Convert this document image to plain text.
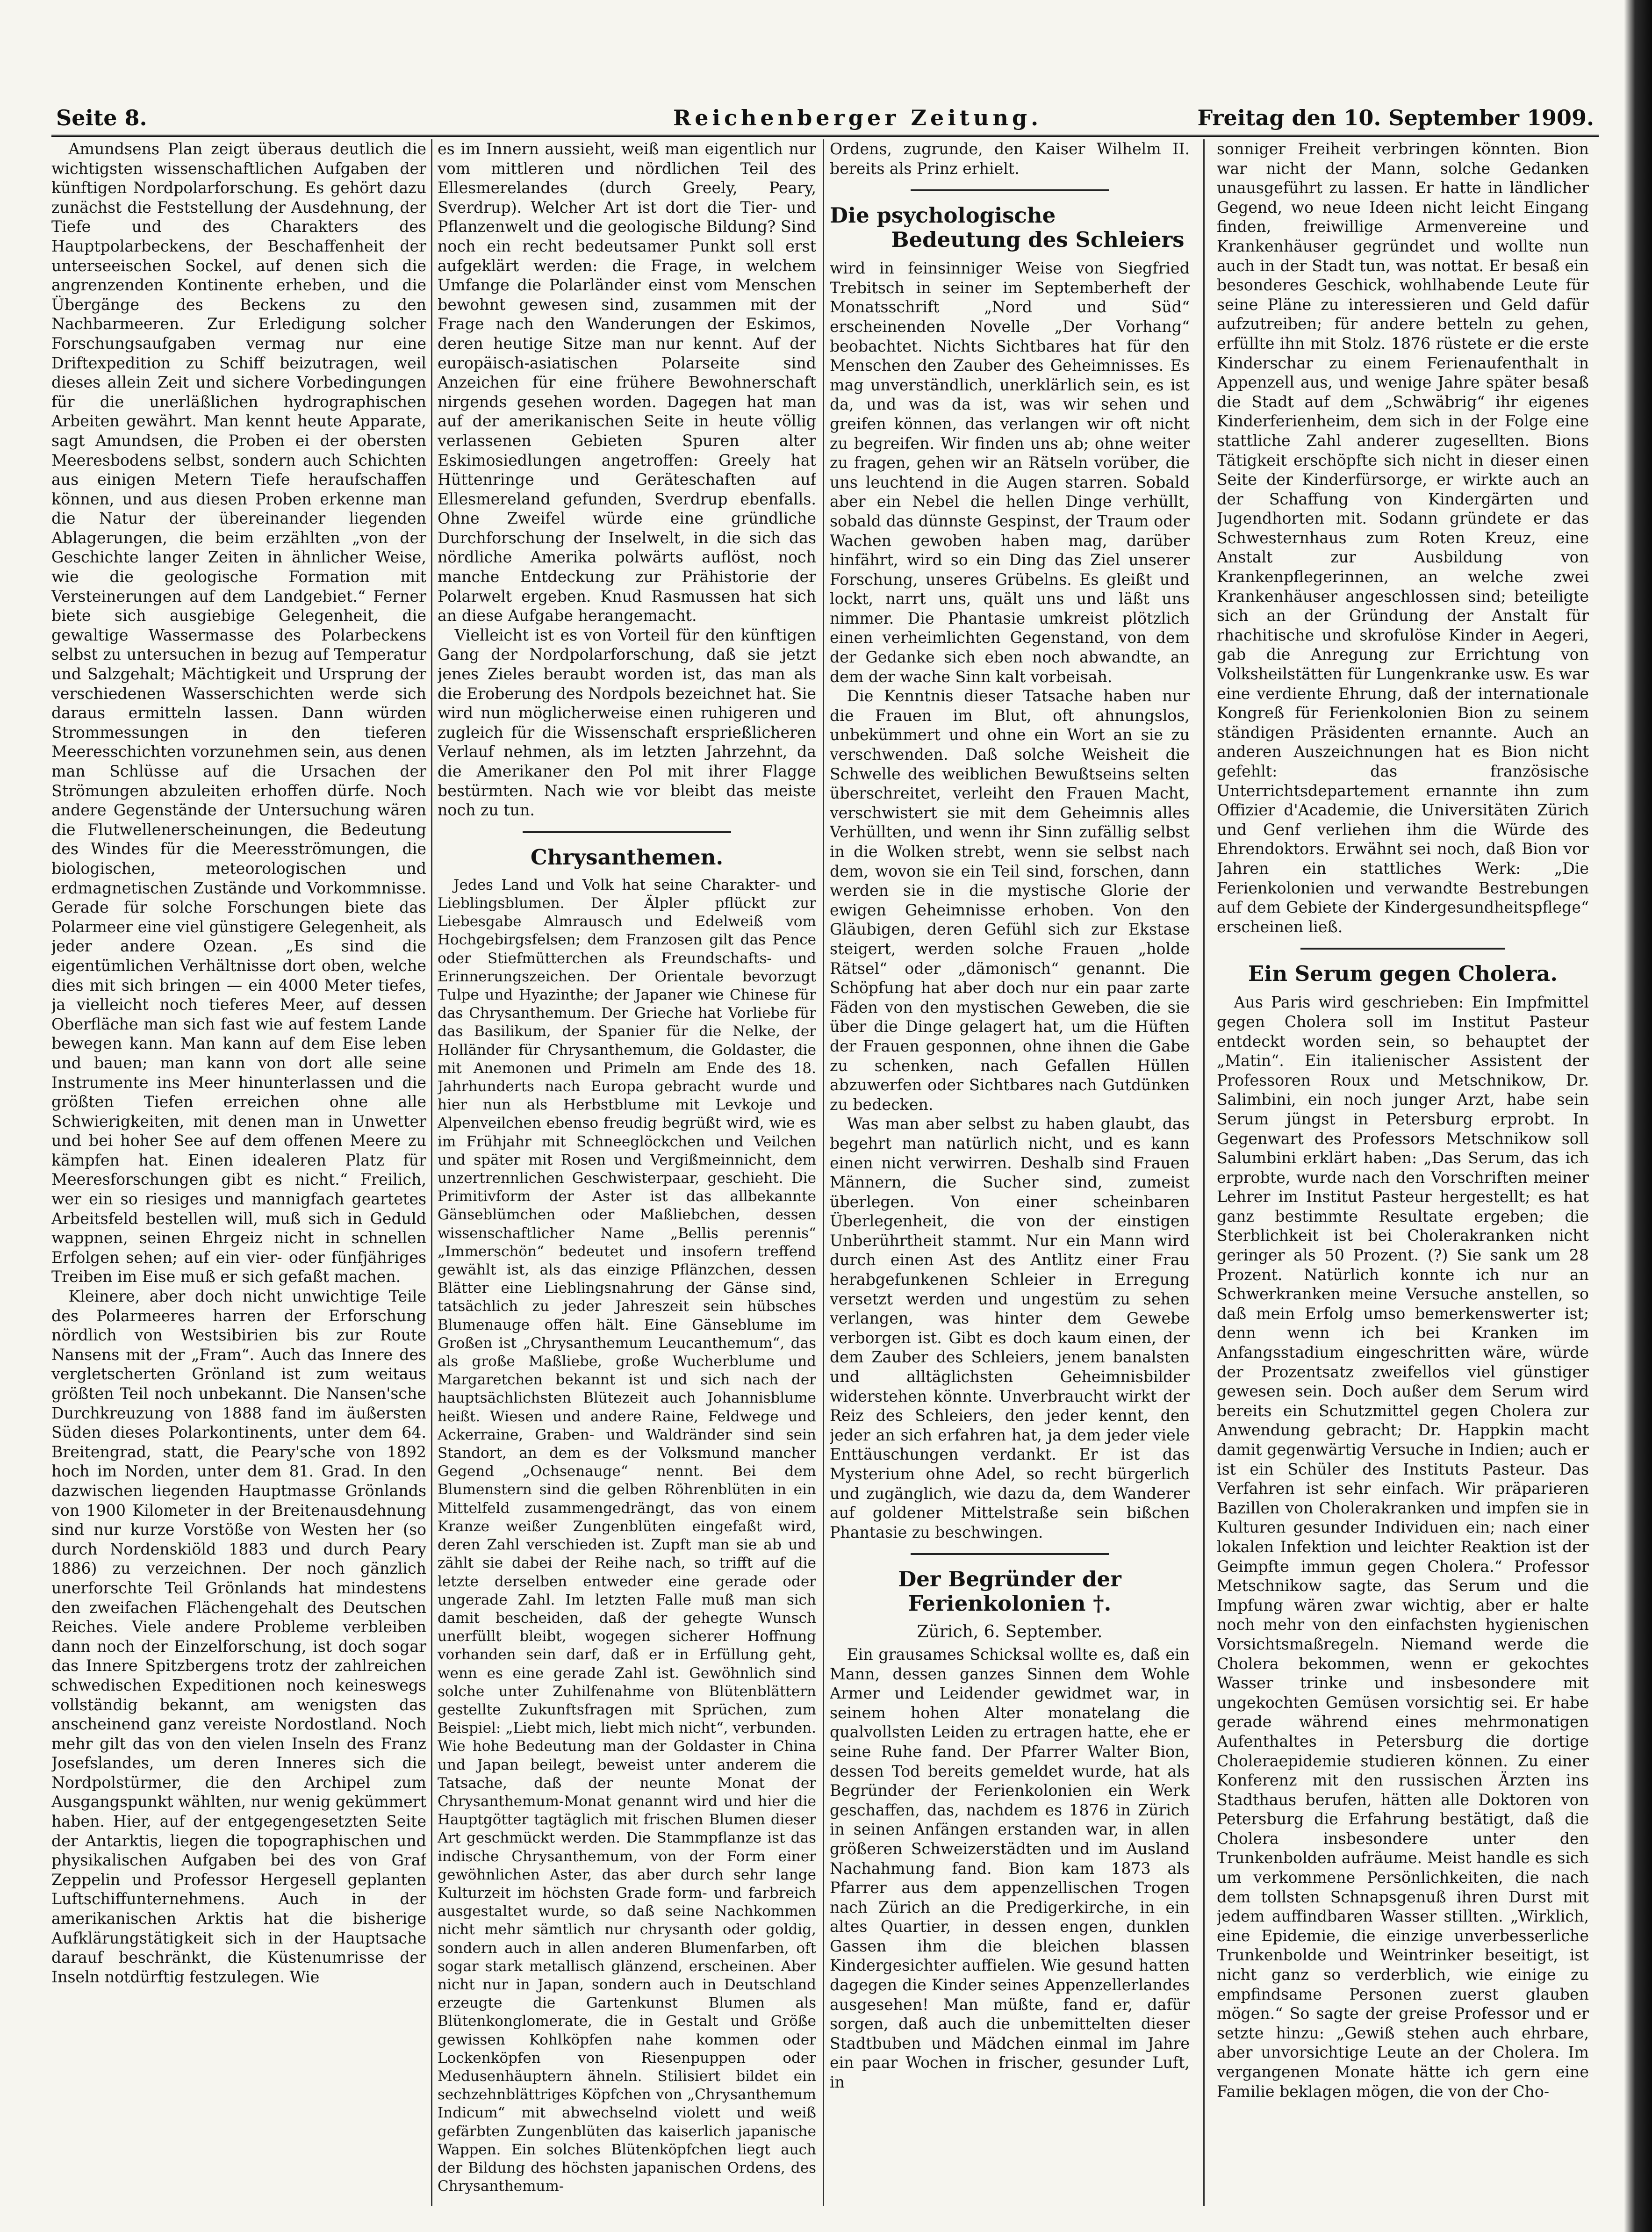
Seite 8.	Reichenberger Zeitung.	Freitag den 10. September 1909.

Amundsens Plan zeigt überaus deutlich die wichtigsten wissenschaftlichen Aufgaben der künftigen Nordpolarforschung. Es gehört dazu zunächst die Feststellung der Ausdehnung, der Tiefe und des Charakters des Hauptpolarbeckens, der Beschaffenheit der unterseeischen Sockel, auf denen sich die angrenzenden Kontinente erheben, und die Übergänge des Beckens zu den Nachbarmeeren. Zur Erledigung solcher Forschungsaufgaben vermag nur eine Driftexpedition zu Schiff beizutragen, weil dieses allein Zeit und sichere Vorbedingungen für die unerläßlichen hydrographischen Arbeiten gewährt. Man kennt heute Apparate, sagt Amundsen, die Proben ei der obersten Meeresbodens selbst, sondern auch Schichten aus einigen Metern Tiefe heraufschaffen können, und aus diesen Proben erkenne man die Natur der übereinander liegenden Ablagerungen, die beim erzählten „von der Geschichte langer Zeiten in ähnlicher Weise, wie die geologische Formation mit Versteinerungen auf dem Landgebiet.“ Ferner biete sich ausgiebige Gelegenheit, die gewaltige Wassermasse des Polarbeckens selbst zu untersuchen in bezug auf Temperatur und Salzgehalt; Mächtigkeit und Ursprung der verschiedenen Wasserschichten werde sich daraus ermitteln lassen. Dann würden Strommessungen in den tieferen Meeresschichten vorzunehmen sein, aus denen man Schlüsse auf die Ursachen der Strömungen abzuleiten erhoffen dürfe. Noch andere Gegenstände der Untersuchung wären die Flutwellenerscheinungen, die Bedeutung des Windes für die Meeresströmungen, die biologischen, meteorologischen und erdmagnetischen Zustände und Vorkommnisse. Gerade für solche Forschungen biete das Polarmeer eine viel günstigere Gelegenheit, als jeder andere Ozean. „Es sind die eigentümlichen Verhältnisse dort oben, welche dies mit sich bringen — ein 4000 Meter tiefes, ja vielleicht noch tieferes Meer, auf dessen Oberfläche man sich fast wie auf festem Lande bewegen kann. Man kann auf dem Eise leben und bauen; man kann von dort alle seine Instrumente ins Meer hinunterlassen und die größten Tiefen erreichen ohne alle Schwierigkeiten, mit denen man in Unwetter und bei hoher See auf dem offenen Meere zu kämpfen hat. Einen idealeren Platz für Meeresforschungen gibt es nicht.“ Freilich, wer ein so riesiges und mannigfach geartetes Arbeitsfeld bestellen will, muß sich in Geduld wappnen, seinen Ehrgeiz nicht in schnellen Erfolgen sehen; auf ein vier- oder fünfjähriges Treiben im Eise muß er sich gefaßt machen.

Kleinere, aber doch nicht unwichtige Teile des Polarmeeres harren der Erforschung nördlich von Westsibirien bis zur Route Nansens mit der „Fram“. Auch das Innere des vergletscherten Grönland ist zum weitaus größten Teil noch unbekannt. Die Nansen'sche Durchkreuzung von 1888 fand im äußersten Süden dieses Polarkontinents, unter dem 64. Breitengrad, statt, die Peary'sche von 1892 hoch im Norden, unter dem 81. Grad. In den dazwischen liegenden Hauptmasse Grönlands von 1900 Kilometer in der Breitenausdehnung sind nur kurze Vorstöße von Westen her (so durch Nordenskiöld 1883 und durch Peary 1886) zu verzeichnen. Der noch gänzlich unerforschte Teil Grönlands hat mindestens den zweifachen Flächengehalt des Deutschen Reiches. Viele andere Probleme verbleiben dann noch der Einzelforschung, ist doch sogar das Innere Spitzbergens trotz der zahlreichen schwedischen Expeditionen noch keineswegs vollständig bekannt, am wenigsten das anscheinend ganz vereiste Nordostland. Noch mehr gilt das von den vielen Inseln des Franz Josefslandes, um deren Inneres sich die Nordpolstürmer, die den Archipel zum Ausgangspunkt wählten, nur wenig gekümmert haben. Hier, auf der entgegengesetzten Seite der Antarktis, liegen die topographischen und physikalischen Aufgaben bei des von Graf Zeppelin und Professor Hergesell geplanten Luftschiffunternehmens. Auch in der amerikanischen Arktis hat die bisherige Aufklärungstätigkeit sich in der Hauptsache darauf beschränkt, die Küstenumrisse der Inseln notdürftig festzulegen. Wie

es im Innern aussieht, weiß man eigentlich nur vom mittleren und nördlichen Teil des Ellesmerelandes (durch Greely, Peary, Sverdrup). Welcher Art ist dort die Tier- und Pflanzenwelt und die geologische Bildung? Sind noch ein recht bedeutsamer Punkt soll erst aufgeklärt werden: die Frage, in welchem Umfange die Polarländer einst vom Menschen bewohnt gewesen sind, zusammen mit der Frage nach den Wanderungen der Eskimos, deren heutige Sitze man nur kennt. Auf der europäisch-asiatischen Polarseite sind Anzeichen für eine frühere Bewohnerschaft nirgends gesehen worden. Dagegen hat man auf der amerikanischen Seite in heute völlig verlassenen Gebieten Spuren alter Eskimosiedlungen angetroffen: Greely hat Hüttenringe und Geräteschaften auf Ellesmereland gefunden, Sverdrup ebenfalls. Ohne Zweifel würde eine gründliche Durchforschung der Inselwelt, in die sich das nördliche Amerika polwärts auflöst, noch manche Entdeckung zur Prähistorie der Polarwelt ergeben. Knud Rasmussen hat sich an diese Aufgabe herangemacht.

Vielleicht ist es von Vorteil für den künftigen Gang der Nordpolarforschung, daß sie jetzt jenes Zieles beraubt worden ist, das man als die Eroberung des Nordpols bezeichnet hat. Sie wird nun möglicherweise einen ruhigeren und zugleich für die Wissenschaft ersprießlicheren Verlauf nehmen, als im letzten Jahrzehnt, da die Amerikaner den Pol mit ihrer Flagge bestürmten. Nach wie vor bleibt das meiste noch zu tun.

Chrysanthemen.

Jedes Land und Volk hat seine Charakter- und Lieblingsblumen. Der Älpler pflückt zur Liebesgabe Almrausch und Edelweiß vom Hochgebirgsfelsen; dem Franzosen gilt das Pence oder Stiefmütterchen als Freundschafts- und Erinnerungszeichen. Der Orientale bevorzugt Tulpe und Hyazinthe; der Japaner wie Chinese für das Chrysanthemum. Der Grieche hat Vorliebe für das Basilikum, der Spanier für die Nelke, der Holländer für Chrysanthemum, die Goldaster, die mit Anemonen und Primeln am Ende des 18. Jahrhunderts nach Europa gebracht wurde und hier nun als Herbstblume mit Levkoje und Alpenveilchen ebenso freudig begrüßt wird, wie es im Frühjahr mit Schneeglöckchen und Veilchen und später mit Rosen und Vergißmeinnicht, dem unzertrennlichen Geschwisterpaar, geschieht. Die Primitivform der Aster ist das allbekannte Gänseblümchen oder Maßliebchen, dessen wissenschaftlicher Name „Bellis perennis“ „Immerschön“ bedeutet und insofern treffend gewählt ist, als das einzige Pflänzchen, dessen Blätter eine Lieblingsnahrung der Gänse sind, tatsächlich zu jeder Jahreszeit sein hübsches Blumenauge offen hält. Eine Gänseblume im Großen ist „Chrysanthemum Leucanthemum“, das als große Maßliebe, große Wucherblume und Margaretchen bekannt ist und sich nach der hauptsächlichsten Blütezeit auch Johannisblume heißt. Wiesen und andere Raine, Feldwege und Ackerraine, Graben- und Waldränder sind sein Standort, an dem es der Volksmund mancher Gegend „Ochsenauge“ nennt. Bei dem Blumenstern sind die gelben Röhrenblüten in ein Mittelfeld zusammengedrängt, das von einem Kranze weißer Zungenblüten eingefaßt wird, deren Zahl verschieden ist. Zupft man sie ab und zählt sie dabei der Reihe nach, so trifft auf die letzte derselben entweder eine gerade oder ungerade Zahl. Im letzten Falle muß man sich damit bescheiden, daß der gehegte Wunsch unerfüllt bleibt, wogegen sicherer Hoffnung vorhanden sein darf, daß er in Erfüllung geht, wenn es eine gerade Zahl ist. Gewöhnlich sind solche unter Zuhilfenahme von Blütenblättern gestellte Zukunftsfragen mit Sprüchen, zum Beispiel: „Liebt mich, liebt mich nicht“, verbunden. Wie hohe Bedeutung man der Goldaster in China und Japan beilegt, beweist unter anderem die Tatsache, daß der neunte Monat der Chrysanthemum-Monat genannt wird und hier die Hauptgötter tagtäglich mit frischen Blumen dieser Art geschmückt werden. Die Stammpflanze ist das indische Chrysanthemum, von der Form einer gewöhnlichen Aster, das aber durch sehr lange Kulturzeit im höchsten Grade form- und farbreich ausgestaltet wurde, so daß seine Nachkommen nicht mehr sämtlich nur chrysanth oder goldig, sondern auch in allen anderen Blumenfarben, oft sogar stark metallisch glänzend, erscheinen. Aber nicht nur in Japan, sondern auch in Deutschland erzeugte die Gartenkunst Blumen als Blütenkonglomerate, die in Gestalt und Größe gewissen Kohlköpfen nahe kommen oder Lockenköpfen von Riesenpuppen oder Medusenhäuptern ähneln. Stilisiert bildet ein sechzehnblättriges Köpfchen von „Chrysanthemum Indicum“ mit abwechselnd violett und weiß gefärbten Zungenblüten das kaiserlich japanische Wappen. Ein solches Blütenköpfchen liegt auch der Bildung des höchsten japanischen Ordens, des Chrysanthemum-

Ordens, zugrunde, den Kaiser Wilhelm II. bereits als Prinz erhielt.

Die psychologische
Bedeutung des Schleiers

wird in feinsinniger Weise von Siegfried Trebitsch in seiner im Septemberheft der Monatsschrift „Nord und Süd“ erscheinenden Novelle „Der Vorhang“ beobachtet. Nichts Sichtbares hat für den Menschen den Zauber des Geheimnisses. Es mag unverständlich, unerklärlich sein, es ist da, und was da ist, was wir sehen und greifen können, das verlangen wir oft nicht zu begreifen. Wir finden uns ab; ohne weiter zu fragen, gehen wir an Rätseln vorüber, die uns leuchtend in die Augen starren. Sobald aber ein Nebel die hellen Dinge verhüllt, sobald das dünnste Gespinst, der Traum oder Wachen gewoben haben mag, darüber hinfährt, wird so ein Ding das Ziel unserer Forschung, unseres Grübelns. Es gleißt und lockt, narrt uns, quält uns und läßt uns nimmer. Die Phantasie umkreist plötzlich einen verheimlichten Gegenstand, von dem der Gedanke sich eben noch abwandte, an dem der wache Sinn kalt vorbeisah.

Die Kenntnis dieser Tatsache haben nur die Frauen im Blut, oft ahnungslos, unbekümmert und ohne ein Wort an sie zu verschwenden. Daß solche Weisheit die Schwelle des weiblichen Bewußtseins selten überschreitet, verleiht den Frauen Macht, verschwistert sie mit dem Geheimnis alles Verhüllten, und wenn ihr Sinn zufällig selbst in die Wolken strebt, wenn sie selbst nach dem, wovon sie ein Teil sind, forschen, dann werden sie in die mystische Glorie der ewigen Geheimnisse erhoben. Von den Gläubigen, deren Gefühl sich zur Ekstase steigert, werden solche Frauen „holde Rätsel“ oder „dämonisch“ genannt. Die Schöpfung hat aber doch nur ein paar zarte Fäden von den mystischen Geweben, die sie über die Dinge gelagert hat, um die Hüften der Frauen gesponnen, ohne ihnen die Gabe zu schenken, nach Gefallen Hüllen abzuwerfen oder Sichtbares nach Gutdünken zu bedecken.

Was man aber selbst zu haben glaubt, das begehrt man natürlich nicht, und es kann einen nicht verwirren. Deshalb sind Frauen Männern, die Sucher sind, zumeist überlegen. Von einer scheinbaren Überlegenheit, die von der einstigen Unberührtheit stammt. Nur ein Mann wird durch einen Ast des Antlitz einer Frau herabgefunkenen Schleier in Erregung versetzt werden und ungestüm zu sehen verlangen, was hinter dem Gewebe verborgen ist. Gibt es doch kaum einen, der dem Zauber des Schleiers, jenem banalsten und alltäglichsten Geheimnisbilder widerstehen könnte. Unverbraucht wirkt der Reiz des Schleiers, den jeder kennt, den jeder an sich erfahren hat, ja dem jeder viele Enttäuschungen verdankt. Er ist das Mysterium ohne Adel, so recht bürgerlich und zugänglich, wie dazu da, dem Wanderer auf goldener Mittelstraße sein bißchen Phantasie zu beschwingen.

Der Begründer der Ferienkolonien †.
Zürich, 6. September.

Ein grausames Schicksal wollte es, daß ein Mann, dessen ganzes Sinnen dem Wohle Armer und Leidender gewidmet war, in seinem hohen Alter monatelang die qualvollsten Leiden zu ertragen hatte, ehe er seine Ruhe fand. Der Pfarrer Walter Bion, dessen Tod bereits gemeldet wurde, hat als Begründer der Ferienkolonien ein Werk geschaffen, das, nachdem es 1876 in Zürich in seinen Anfängen erstanden war, in allen größeren Schweizerstädten und im Ausland Nachahmung fand. Bion kam 1873 als Pfarrer aus dem appenzellischen Trogen nach Zürich an die Predigerkirche, in ein altes Quartier, in dessen engen, dunklen Gassen ihm die bleichen blassen Kindergesichter auffielen. Wie gesund hatten dagegen die Kinder seines Appenzellerlandes ausgesehen! Man müßte, fand er, dafür sorgen, daß auch die unbemittelten dieser Stadtbuben und Mädchen einmal im Jahre ein paar Wochen in frischer, gesunder Luft, in

sonniger Freiheit verbringen könnten. Bion war nicht der Mann, solche Gedanken unausgeführt zu lassen. Er hatte in ländlicher Gegend, wo neue Ideen nicht leicht Eingang finden, freiwillige Armenvereine und Krankenhäuser gegründet und wollte nun auch in der Stadt tun, was nottat. Er besaß ein besonderes Geschick, wohlhabende Leute für seine Pläne zu interessieren und Geld dafür aufzutreiben; für andere betteln zu gehen, erfüllte ihn mit Stolz. 1876 rüstete er die erste Kinderschar zu einem Ferienaufenthalt in Appenzell aus, und wenige Jahre später besaß die Stadt auf dem „Schwäbrig“ ihr eigenes Kinderferienheim, dem sich in der Folge eine stattliche Zahl anderer zugesellten. Bions Tätigkeit erschöpfte sich nicht in dieser einen Seite der Kinderfürsorge, er wirkte auch an der Schaffung von Kindergärten und Jugendhorten mit. Sodann gründete er das Schwesternhaus zum Roten Kreuz, eine Anstalt zur Ausbildung von Krankenpflegerinnen, an welche zwei Krankenhäuser angeschlossen sind; beteiligte sich an der Gründung der Anstalt für rhachitische und skrofulöse Kinder in Aegeri, gab die Anregung zur Errichtung von Volksheilstätten für Lungenkranke usw. Es war eine verdiente Ehrung, daß der internationale Kongreß für Ferienkolonien Bion zu seinem ständigen Präsidenten ernannte. Auch an anderen Auszeichnungen hat es Bion nicht gefehlt: das französische Unterrichtsdepartement ernannte ihn zum Offizier d'Academie, die Universitäten Zürich und Genf verliehen ihm die Würde des Ehrendoktors. Erwähnt sei noch, daß Bion vor Jahren ein stattliches Werk: „Die Ferienkolonien und verwandte Bestrebungen auf dem Gebiete der Kindergesundheitspflege“ erscheinen ließ.

Ein Serum gegen Cholera.

Aus Paris wird geschrieben: Ein Impfmittel gegen Cholera soll im Institut Pasteur entdeckt worden sein, so behauptet der „Matin“. Ein italienischer Assistent der Professoren Roux und Metschnikow, Dr. Salimbini, ein noch junger Arzt, habe sein Serum jüngst in Petersburg erprobt. In Gegenwart des Professors Metschnikow soll Salumbini erklärt haben: „Das Serum, das ich erprobte, wurde nach den Vorschriften meiner Lehrer im Institut Pasteur hergestellt; es hat ganz bestimmte Resultate ergeben; die Sterblichkeit ist bei Cholerakranken nicht geringer als 50 Prozent. (?) Sie sank um 28 Prozent. Natürlich konnte ich nur an Schwerkranken meine Versuche anstellen, so daß mein Erfolg umso bemerkenswerter ist; denn wenn ich bei Kranken im Anfangsstadium eingeschritten wäre, würde der Prozentsatz zweifellos viel günstiger gewesen sein. Doch außer dem Serum wird bereits ein Schutzmittel gegen Cholera zur Anwendung gebracht; Dr. Happkin macht damit gegenwärtig Versuche in Indien; auch er ist ein Schüler des Instituts Pasteur. Das Verfahren ist sehr einfach. Wir präparieren Bazillen von Cholerakranken und impfen sie in Kulturen gesunder Individuen ein; nach einer lokalen Infektion und leichter Reaktion ist der Geimpfte immun gegen Cholera.“ Professor Metschnikow sagte, das Serum und die Impfung wären zwar wichtig, aber er halte noch mehr von den einfachsten hygienischen Vorsichtsmaßregeln. Niemand werde die Cholera bekommen, wenn er gekochtes Wasser trinke und insbesondere mit ungekochten Gemüsen vorsichtig sei. Er habe gerade während eines mehrmonatigen Aufenthaltes in Petersburg die dortige Choleraepidemie studieren können. Zu einer Konferenz mit den russischen Ärzten ins Stadthaus berufen, hätten alle Doktoren von Petersburg die Erfahrung bestätigt, daß die Cholera insbesondere unter den Trunkenbolden aufräume. Meist handle es sich um verkommene Persönlichkeiten, die nach dem tollsten Schnapsgenuß ihren Durst mit jedem auffindbaren Wasser stillten. „Wirklich, eine Epidemie, die einzige unverbesserliche Trunkenbolde und Weintrinker beseitigt, ist nicht ganz so verderblich, wie einige zu empfindsame Personen zuerst glauben mögen.“ So sagte der greise Professor und er setzte hinzu: „Gewiß stehen auch ehrbare, aber unvorsichtige Leute an der Cholera. Im vergangenen Monate hätte ich gern eine Familie beklagen mögen, die von der Cho-
